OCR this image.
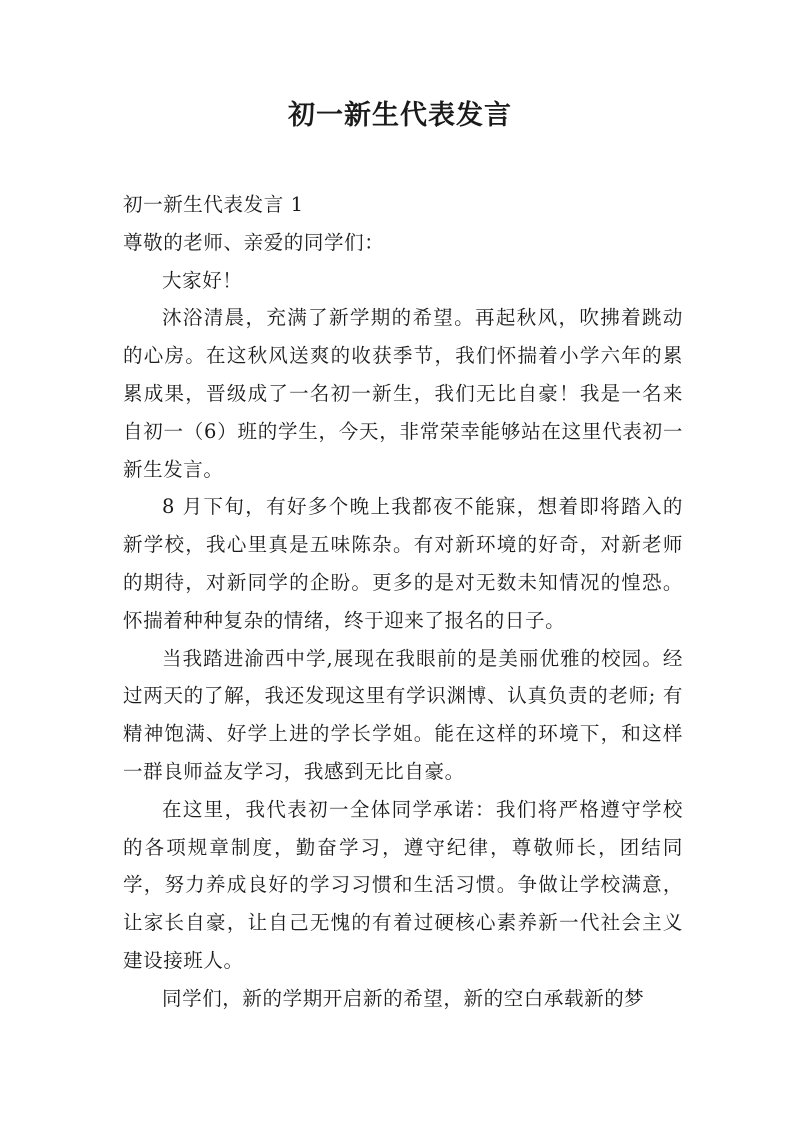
初一新生代表发言

初一新生代表发言 1

尊敬的老师、亲爱的同学们：

大家好！

沐浴清晨，充满了新学期的希望。再起秋风，吹拂着跳动的心房。在这秋风送爽的收获季节，我们怀揣着小学六年的累累成果，晋级成了一名初一新生，我们无比自豪！我是一名来自初一（6）班的学生，今天，非常荣幸能够站在这里代表初一新生发言。

8 月下旬，有好多个晚上我都夜不能寐，想着即将踏入的新学校，我心里真是五味陈杂。有对新环境的好奇，对新老师的期待，对新同学的企盼。更多的是对无数未知情况的惶恐。怀揣着种种复杂的情绪，终于迎来了报名的日子。

当我踏进渝西中学,展现在我眼前的是美丽优雅的校园。经过两天的了解，我还发现这里有学识渊博、认真负责的老师; 有精神饱满、好学上进的学长学姐。能在这样的环境下，和这样一群良师益友学习，我感到无比自豪。

在这里，我代表初一全体同学承诺：我们将严格遵守学校的各项规章制度，勤奋学习，遵守纪律，尊敬师长，团结同学，努力养成良好的学习习惯和生活习惯。争做让学校满意，让家长自豪，让自己无愧的有着过硬核心素养新一代社会主义建设接班人。

同学们，新的学期开启新的希望，新的空白承载新的梦
